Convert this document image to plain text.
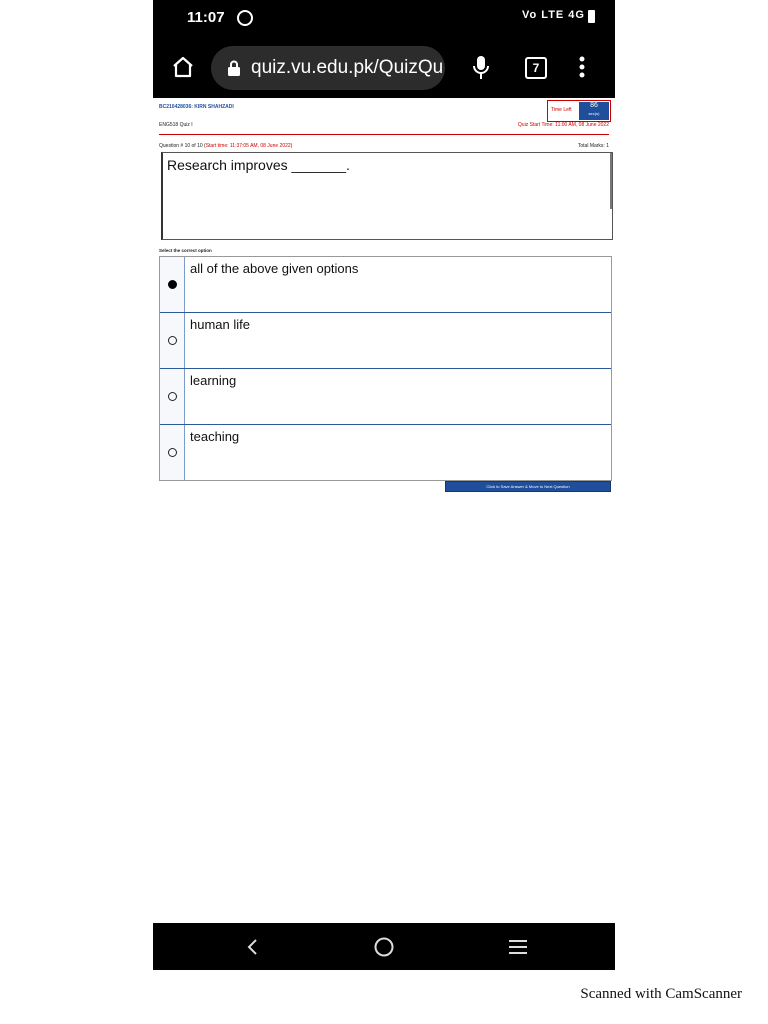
11:07	Vo LTE 4G
quiz.vu.edu.pk/QuizQu	7
BC210428036: KIRN SHAHZADI
ENG518 Quiz I
Time Left
86
sec(s)
Quiz Start Time: 11:00 AM, 08 June 2022
Question # 10 of 10 (Start time: 11:37:05 AM, 08 June 2022)	Total Marks: 1
Research improves _______.
Select the correct option
all of the above given options
human life
learning
teaching
Click to Save Answer & Move to Next Question
Scanned with CamScanner
